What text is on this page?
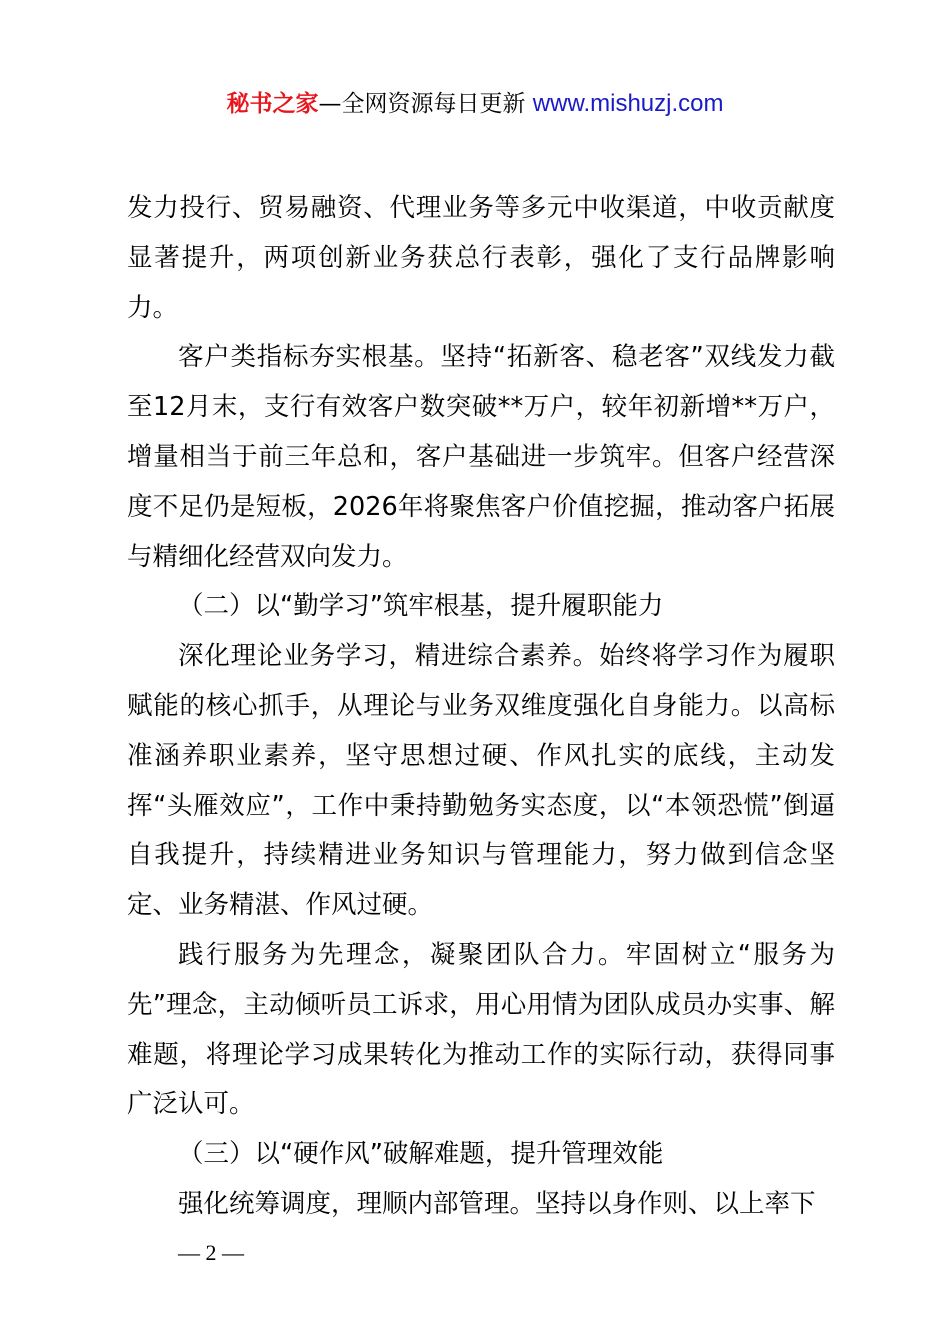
秘书之家—全网资源每日更新 www.mishuzj.com

发力投行、贸易融资、代理业务等多元中收渠道，中收贡献度显著提升，两项创新业务获总行表彰，强化了支行品牌影响力。

客户类指标夯实根基。坚持“拓新客、稳老客”双线发力截至12月末，支行有效客户数突破**万户，较年初新增**万户，增量相当于前三年总和，客户基础进一步筑牢。但客户经营深度不足仍是短板，2026年将聚焦客户价值挖掘，推动客户拓展与精细化经营双向发力。

（二）以“勤学习”筑牢根基，提升履职能力

深化理论业务学习，精进综合素养。始终将学习作为履职赋能的核心抓手，从理论与业务双维度强化自身能力。以高标准涵养职业素养，坚守思想过硬、作风扎实的底线，主动发挥“头雁效应”，工作中秉持勤勉务实态度，以“本领恐慌”倒逼自我提升，持续精进业务知识与管理能力，努力做到信念坚定、业务精湛、作风过硬。

践行服务为先理念，凝聚团队合力。牢固树立“服务为先”理念，主动倾听员工诉求，用心用情为团队成员办实事、解难题，将理论学习成果转化为推动工作的实际行动，获得同事广泛认可。

（三）以“硬作风”破解难题，提升管理效能

强化统筹调度，理顺内部管理。坚持以身作则、以上率下

— 2 —
